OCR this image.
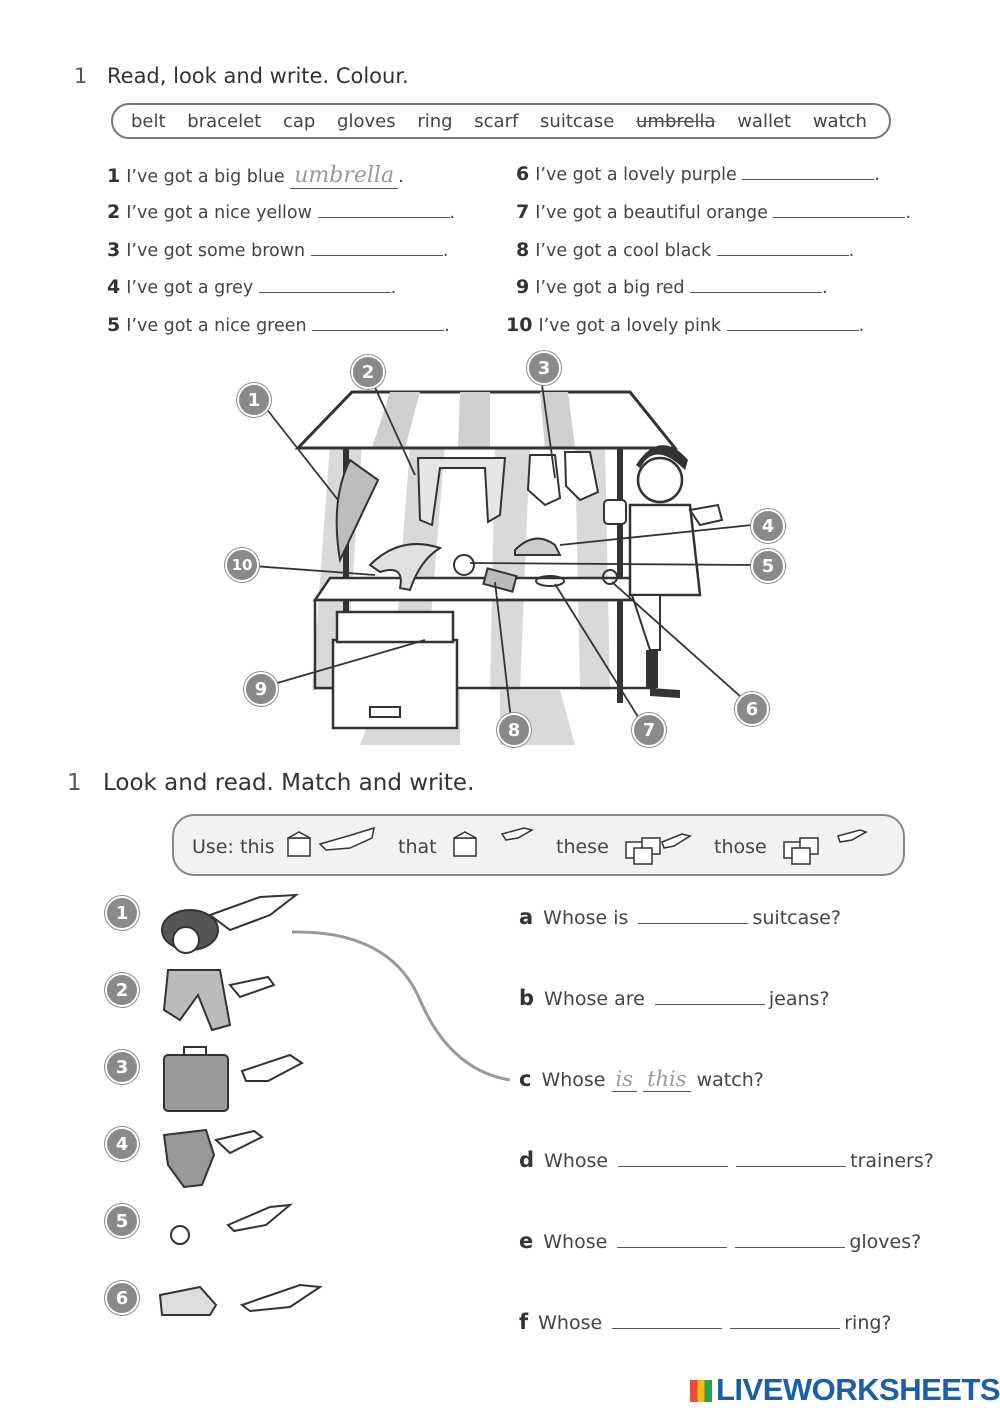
1 Read, look and write. Colour.
belt bracelet cap gloves ring scarf suitcase umbrella wallet watch
1 I’ve got a big blue umbrella .
2 I’ve got a nice yellow	.
3 I’ve got some brown	.
4 I’ve got a grey	.
5 I’ve got a nice green	.
6 I’ve got a lovely purple	.
7 I’ve got a beautiful orange	.
8 I’ve got a cool black	.
9 I’ve got a big red	.
10 I’ve got a lovely pink	.
1
2	3
4
5
6
7
8
9
10
1 Look and read. Match and write.
Use: this	that	these	those
1
2
3
4
5
6
a Whose is	suitcase?
b Whose are	jeans?
c Whose is this watch?
d Whose	trainers?
e Whose	gloves?
f Whose	ring?
LIVEWORKSHEETS
